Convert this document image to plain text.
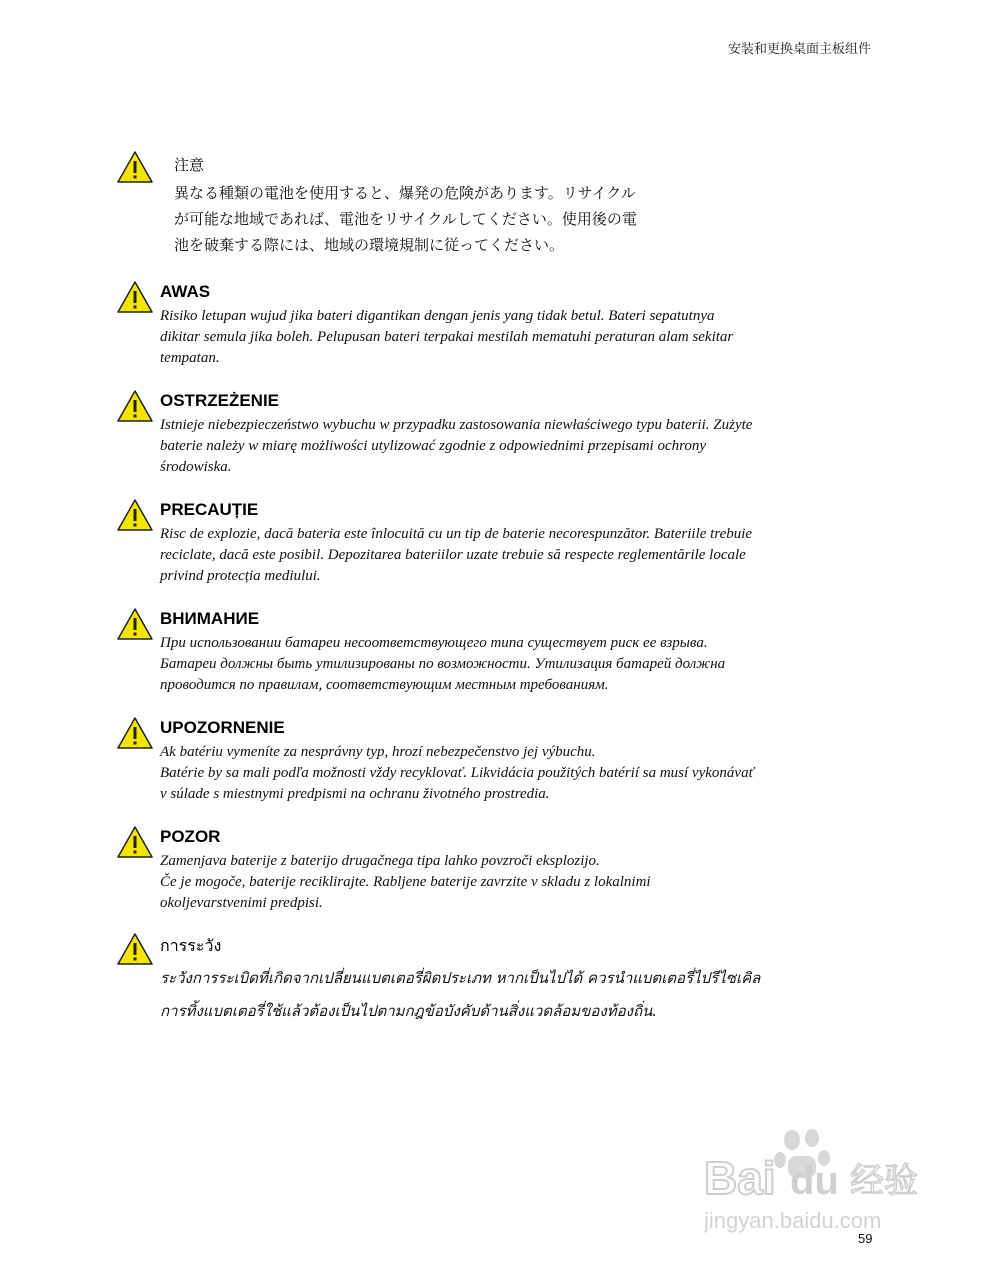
安装和更换桌面主板组件
注意
異なる種類の電池を使用すると、爆発の危険があります。リサイクル
が可能な地域であれば、電池をリサイクルしてください。使用後の電
池を破棄する際には、地域の環境規制に従ってください。
AWAS
Risiko letupan wujud jika bateri digantikan dengan jenis yang tidak betul. Bateri sepatutnya
dikitar semula jika boleh. Pelupusan bateri terpakai mestilah mematuhi peraturan alam sekitar
tempatan.
OSTRZEŻENIE
Istnieje niebezpieczeństwo wybuchu w przypadku zastosowania niewłaściwego typu baterii. Zużyte
baterie należy w miarę możliwości utylizować zgodnie z odpowiednimi przepisami ochrony
środowiska.
PRECAUȚIE
Risc de explozie, dacă bateria este înlocuită cu un tip de baterie necorespunzător. Bateriile trebuie
reciclate, dacă este posibil. Depozitarea bateriilor uzate trebuie să respecte reglementările locale
privind protecția mediului.
ВНИМАНИЕ
При использовании батареи несоответствующего типа существует риск ее взрыва.
Батареи должны быть утилизированы по возможности. Утилизация батарей должна
проводится по правилам, соответствующим местным требованиям.
UPOZORNENIE
Ak batériu vymeníte za nesprávny typ, hrozí nebezpečenstvo jej výbuchu.
Batérie by sa mali podľa možnosti vždy recyklovať. Likvidácia použitých batérií sa musí vykonávať
v súlade s miestnymi predpismi na ochranu životného prostredia.
POZOR
Zamenjava baterije z baterijo drugačnega tipa lahko povzroči eksplozijo.
Če je mogoče, baterije reciklirajte. Rabljene baterije zavrzite v skladu z lokalnimi
okoljevarstvenimi predpisi.
การระวัง
ระวังการระเบิดที่เกิดจากเปลี่ยนแบตเตอรี่ผิดประเภท หากเป็นไปได้ ควรนำแบตเตอรี่ไปรีไซเคิล
การทิ้งแบตเตอรี่ใช้แล้วต้องเป็นไปตามกฎข้อบังคับด้านสิ่งแวดล้อมของท้องถิ่น.
Bai du 经验
jingyan.baidu.com
59
